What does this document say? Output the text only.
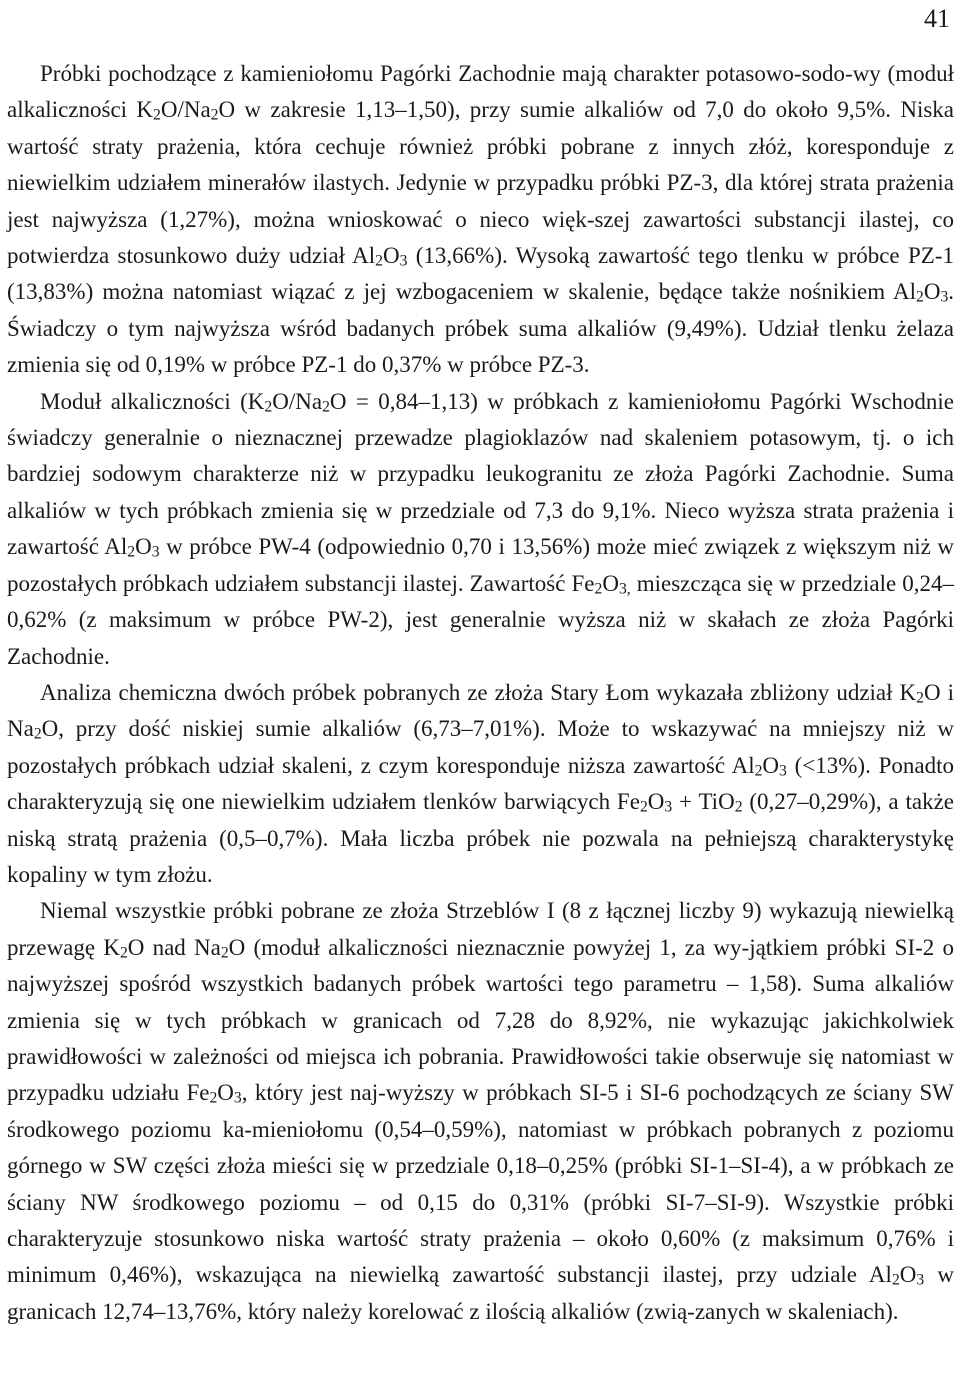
41

Próbki pochodzące z kamieniołomu Pagórki Zachodnie mają charakter potasowo-sodo-wy (moduł alkaliczności $K_2O/Na_2O$ w zakresie 1,13–1,50), przy sumie alkaliów od 7,0 do około 9,5%. Niska wartość straty prażenia, która cechuje również próbki pobrane z innych złóż, koresponduje z niewielkim udziałem minerałów ilastych. Jedynie w przypadku próbki PZ-3, dla której strata prażenia jest najwyższa (1,27%), można wnioskować o nieco więk-szej zawartości substancji ilastej, co potwierdza stosunkowo duży udział $Al_2O_3$ (13,66%). Wysoką zawartość tego tlenku w próbce PZ-1 (13,83%) można natomiast wiązać z jej wzbogaceniem w skalenie, będące także nośnikiem $Al_2O_3$. Świadczy o tym najwyższa wśród badanych próbek suma alkaliów (9,49%). Udział tlenku żelaza zmienia się od 0,19% w próbce PZ-1 do 0,37% w próbce PZ-3.

Moduł alkaliczności $(K_2O/Na_2O = 0,84-1,13)$ w próbkach z kamieniołomu Pagórki Wschodnie świadczy generalnie o nieznacznej przewadze plagioklazów nad skaleniem potasowym, tj. o ich bardziej sodowym charakterze niż w przypadku leukogranitu ze złoża Pagórki Zachodnie. Suma alkaliów w tych próbkach zmienia się w przedziale od 7,3 do 9,1%. Nieco wyższa strata prażenia i zawartość $Al_2O_3$ w próbce PW-4 (odpowiednio 0,70 i 13,56%) może mieć związek z większym niż w pozostałych próbkach udziałem substancji ilastej. Zawartość $Fe_2O_{3,}$ mieszcząca się w przedziale 0,24–0,62% (z maksimum w próbce PW-2), jest generalnie wyższa niż w skałach ze złoża Pagórki Zachodnie.

Analiza chemiczna dwóch próbek pobranych ze złoża Stary Łom wykazała zbliżony udział $K_2O$ i $Na_2O$, przy dość niskiej sumie alkaliów (6,73–7,01%). Może to wskazywać na mniejszy niż w pozostałych próbkach udział skaleni, z czym koresponduje niższa zawartość $Al_2O_3$ (<13%). Ponadto charakteryzują się one niewielkim udziałem tlenków barwiących $Fe_2O_3 + TiO_2$ (0,27–0,29%), a także niską stratą prażenia (0,5–0,7%). Mała liczba próbek nie pozwala na pełniejszą charakterystykę kopaliny w tym złożu.

Niemal wszystkie próbki pobrane ze złoża Strzeblów I (8 z łącznej liczby 9) wykazują niewielką przewagę $K_2O$ nad $Na_2O$ (moduł alkaliczności nieznacznie powyżej 1, za wy-jątkiem próbki SI-2 o najwyższej spośród wszystkich badanych próbek wartości tego parametru – 1,58). Suma alkaliów zmienia się w tych próbkach w granicach od 7,28 do 8,92%, nie wykazując jakichkolwiek prawidłowości w zależności od miejsca ich pobrania. Prawidłowości takie obserwuje się natomiast w przypadku udziału $Fe_2O_3$, który jest naj-wyższy w próbkach SI-5 i SI-6 pochodzących ze ściany SW środkowego poziomu ka-mieniołomu (0,54–0,59%), natomiast w próbkach pobranych z poziomu górnego w SW części złoża mieści się w przedziale 0,18–0,25% (próbki SI-1–SI-4), a w próbkach ze ściany NW środkowego poziomu – od 0,15 do 0,31% (próbki SI-7–SI-9). Wszystkie próbki charakteryzuje stosunkowo niska wartość straty prażenia – około 0,60% (z maksimum 0,76% i minimum 0,46%), wskazująca na niewielką zawartość substancji ilastej, przy udziale $Al_2O_3$ w granicach 12,74–13,76%, który należy korelować z ilością alkaliów (zwią-zanych w skaleniach).
